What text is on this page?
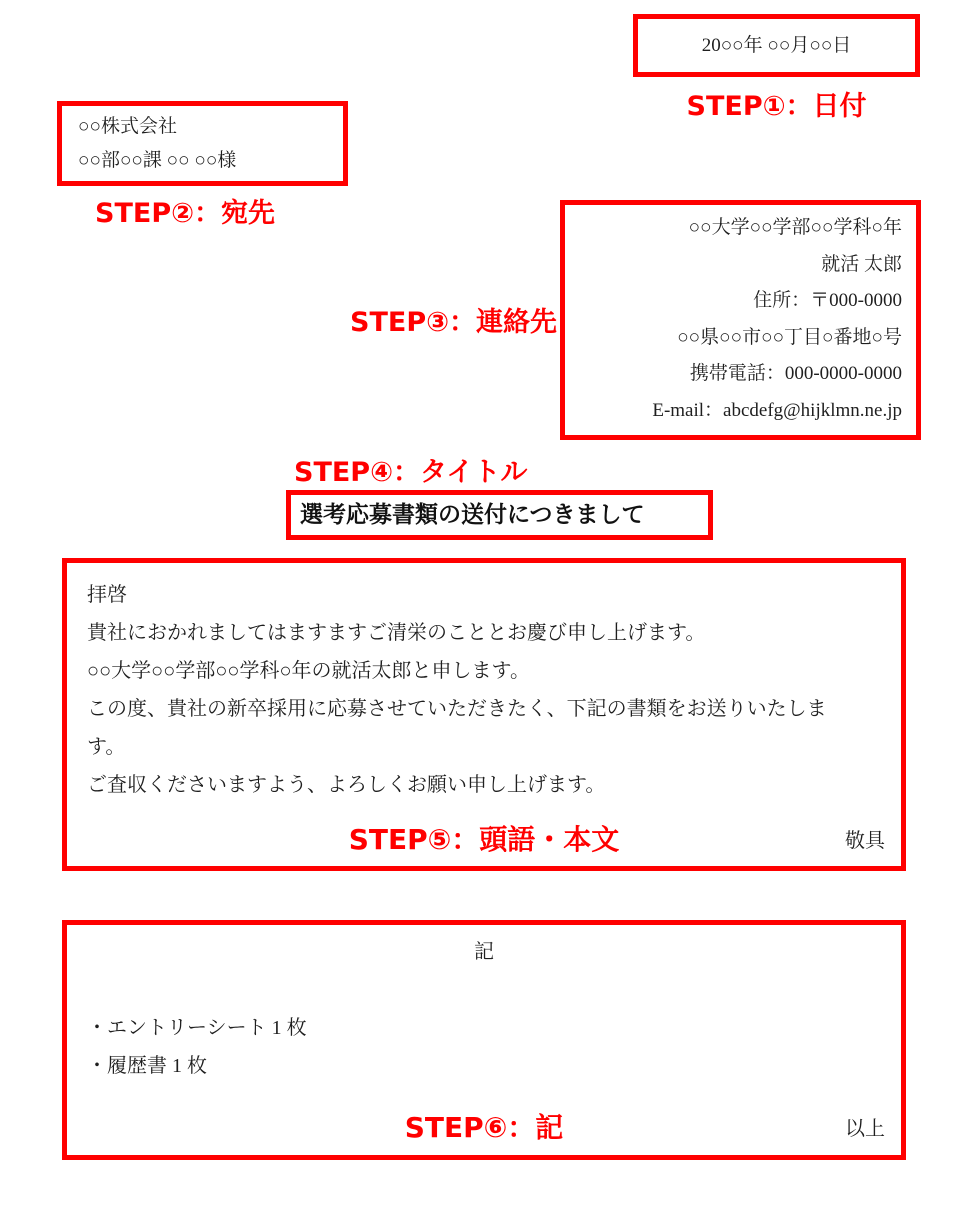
20○○年 ○○月○○日
STEP①：日付
○○株式会社
○○部○○課 ○○ ○○様
STEP②：宛先	○○大学○○学部○○学科○年
就活 太郎
住所：〒000-0000
○○県○○市○○丁目○番地○号
携帯電話：000-0000-0000
E-mail：abcdefg@hijklmn.ne.jp
STEP③：連絡先
STEP④：タイトル
選考応募書類の送付につきまして
拝啓
貴社におかれましてはますますご清栄のこととお慶び申し上げます。
○○大学○○学部○○学科○年の就活太郎と申します。
この度、貴社の新卒採用に応募させていただきたく、下記の書類をお送りいたしま
す。
ご査収くださいますよう、よろしくお願い申し上げます。
STEP⑤：頭語・本文	敬具
記
・エントリーシート 1 枚
・履歴書 1 枚
STEP⑥：記	以上
